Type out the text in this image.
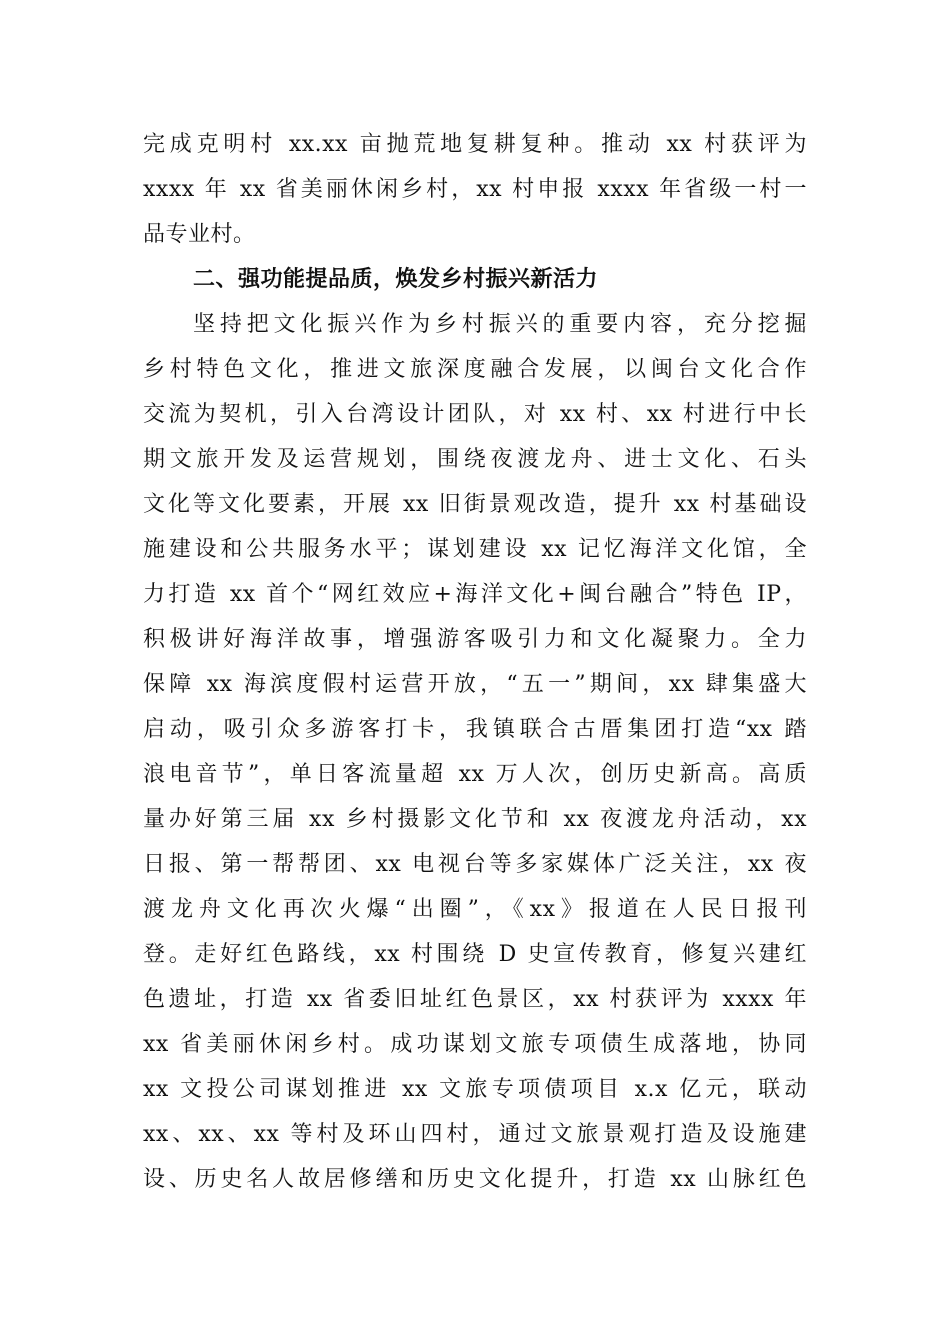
完成克明村 xx.xx 亩抛荒地复耕复种。推动 xx 村获评为
xxxx 年 xx 省美丽休闲乡村，xx 村申报 xxxx 年省级一村一
品专业村。
二、强功能提品质，焕发乡村振兴新活力
坚持把文化振兴作为乡村振兴的重要内容，充分挖掘
乡村特色文化，推进文旅深度融合发展，以闽台文化合作
交流为契机，引入台湾设计团队，对 xx 村、xx 村进行中长
期文旅开发及运营规划，围绕夜渡龙舟、进士文化、石头
文化等文化要素，开展 xx 旧街景观改造，提升 xx 村基础设
施建设和公共服务水平；谋划建设 xx 记忆海洋文化馆，全
力打造 xx 首个“网红效应+海洋文化+闽台融合”特色 IP，
积极讲好海洋故事，增强游客吸引力和文化凝聚力。全力
保障 xx 海滨度假村运营开放，“五一”期间，xx 肆集盛大
启动，吸引众多游客打卡，我镇联合古厝集团打造“xx 踏
浪电音节”，单日客流量超 xx 万人次，创历史新高。高质
量办好第三届 xx 乡村摄影文化节和 xx 夜渡龙舟活动，xx
日报、第一帮帮团、xx 电视台等多家媒体广泛关注，xx 夜
渡龙舟文化再次火爆“出圈”，《xx》报道在人民日报刊
登。走好红色路线，xx 村围绕 D 史宣传教育，修复兴建红
色遗址，打造 xx 省委旧址红色景区，xx 村获评为 xxxx 年
xx 省美丽休闲乡村。成功谋划文旅专项债生成落地，协同
xx 文投公司谋划推进 xx 文旅专项债项目 x.x 亿元，联动
xx、xx、xx 等村及环山四村，通过文旅景观打造及设施建
设、历史名人故居修缮和历史文化提升，打造 xx 山脉红色
